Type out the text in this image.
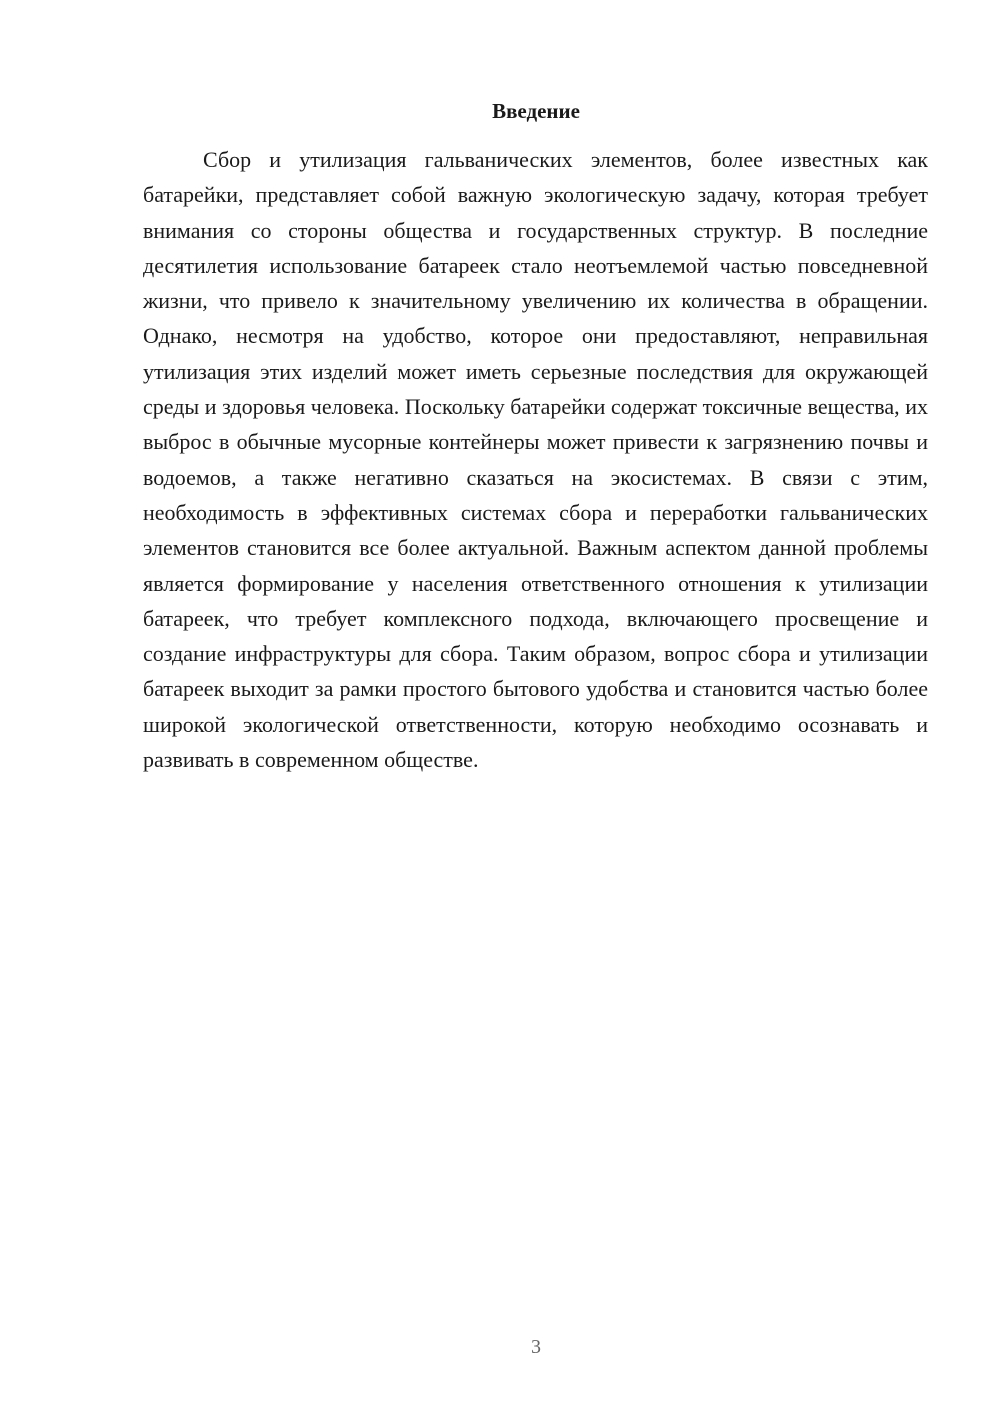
Введение

Сбор и утилизация гальванических элементов, более известных как батарейки, представляет собой важную экологическую задачу, которая требует внимания со стороны общества и государственных структур. В последние десятилетия использование батареек стало неотъемлемой частью повседневной жизни, что привело к значительному увеличению их количества в обращении. Однако, несмотря на удобство, которое они предоставляют, неправильная утилизация этих изделий может иметь серьезные последствия для окружающей среды и здоровья человека. Поскольку батарейки содержат токсичные вещества, их выброс в обычные мусорные контейнеры может привести к загрязнению почвы и водоемов, а также негативно сказаться на экосистемах. В связи с этим, необходимость в эффективных системах сбора и переработки гальванических элементов становится все более актуальной. Важным аспектом данной проблемы является формирование у населения ответственного отношения к утилизации батареек, что требует комплексного подхода, включающего просвещение и создание инфраструктуры для сбора. Таким образом, вопрос сбора и утилизации батареек выходит за рамки простого бытового удобства и становится частью более широкой экологической ответственности, которую необходимо осознавать и развивать в современном обществе.

3
